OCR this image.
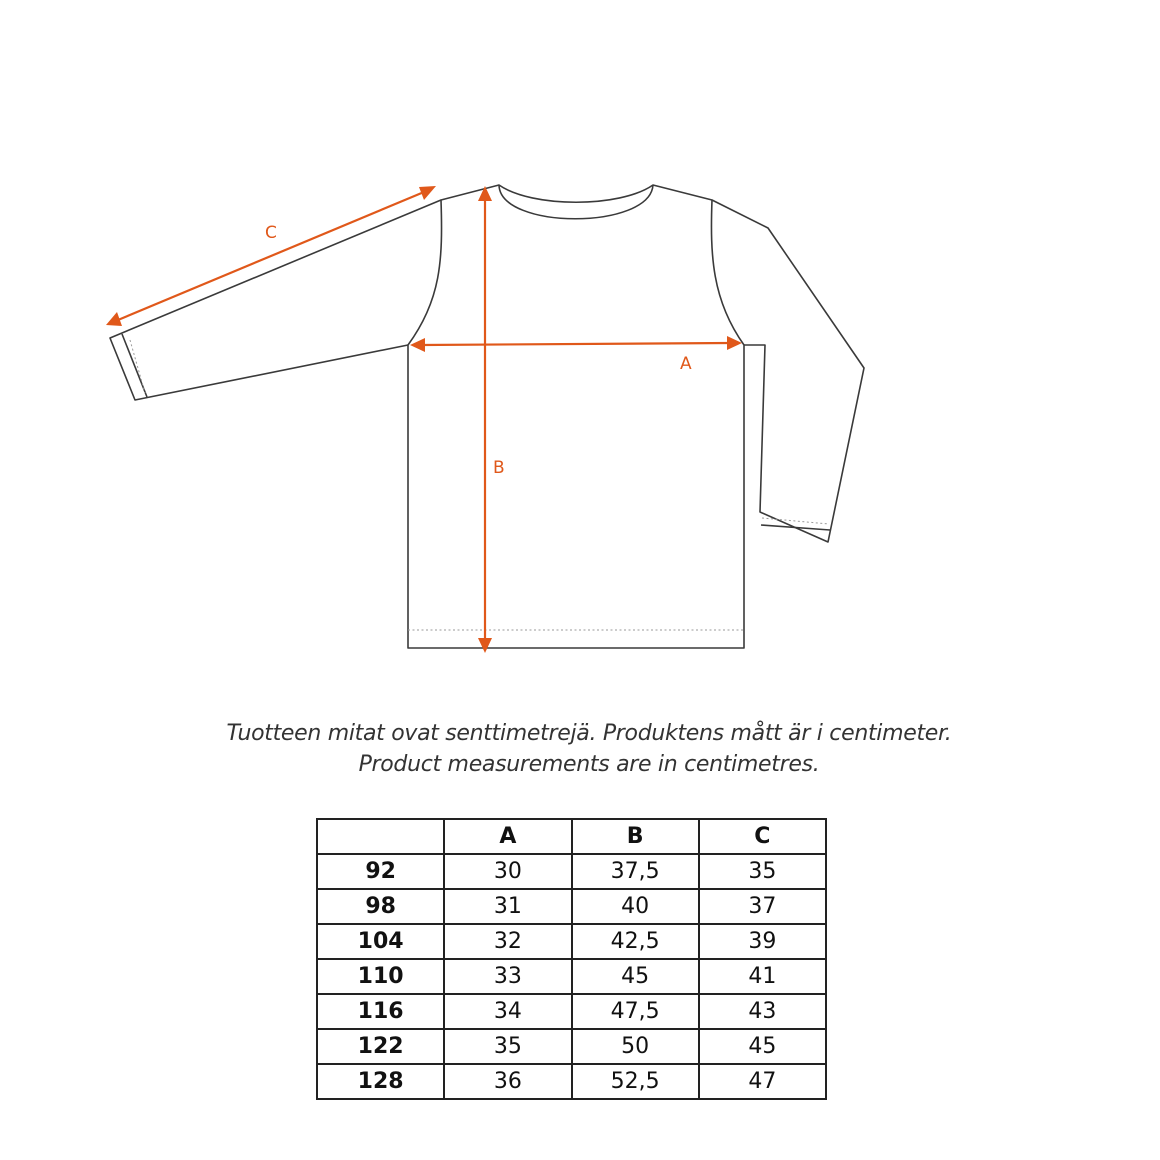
A
B
C
Tuotteen mitat ovat senttimetrejä. Produktens mått är i centimeter.
Product measurements are in centimetres.
	A	B	C
92	30	37,5	35
98	31	40	37
104	32	42,5	39
110	33	45	41
116	34	47,5	43
122	35	50	45
128	36	52,5	47
